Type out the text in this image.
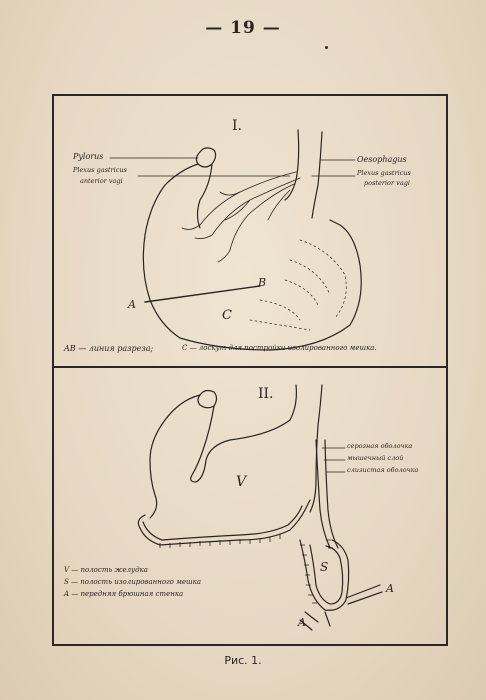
— 19 —
I.
II.
Pylorus
Plexus gastricus
anterior vagi
Oesophagus
Plexus gastricus
posterior vagi
A
B
C
AB — линия разреза;	C — лоскут для постройки изолированного мешка.
серозная оболочка
мышечный слой
слизистая оболочка
V
S
A
A
V — полость желудка
S — полость изолированного мешка
A — передняя брюшная стенка
Рис. 1.
